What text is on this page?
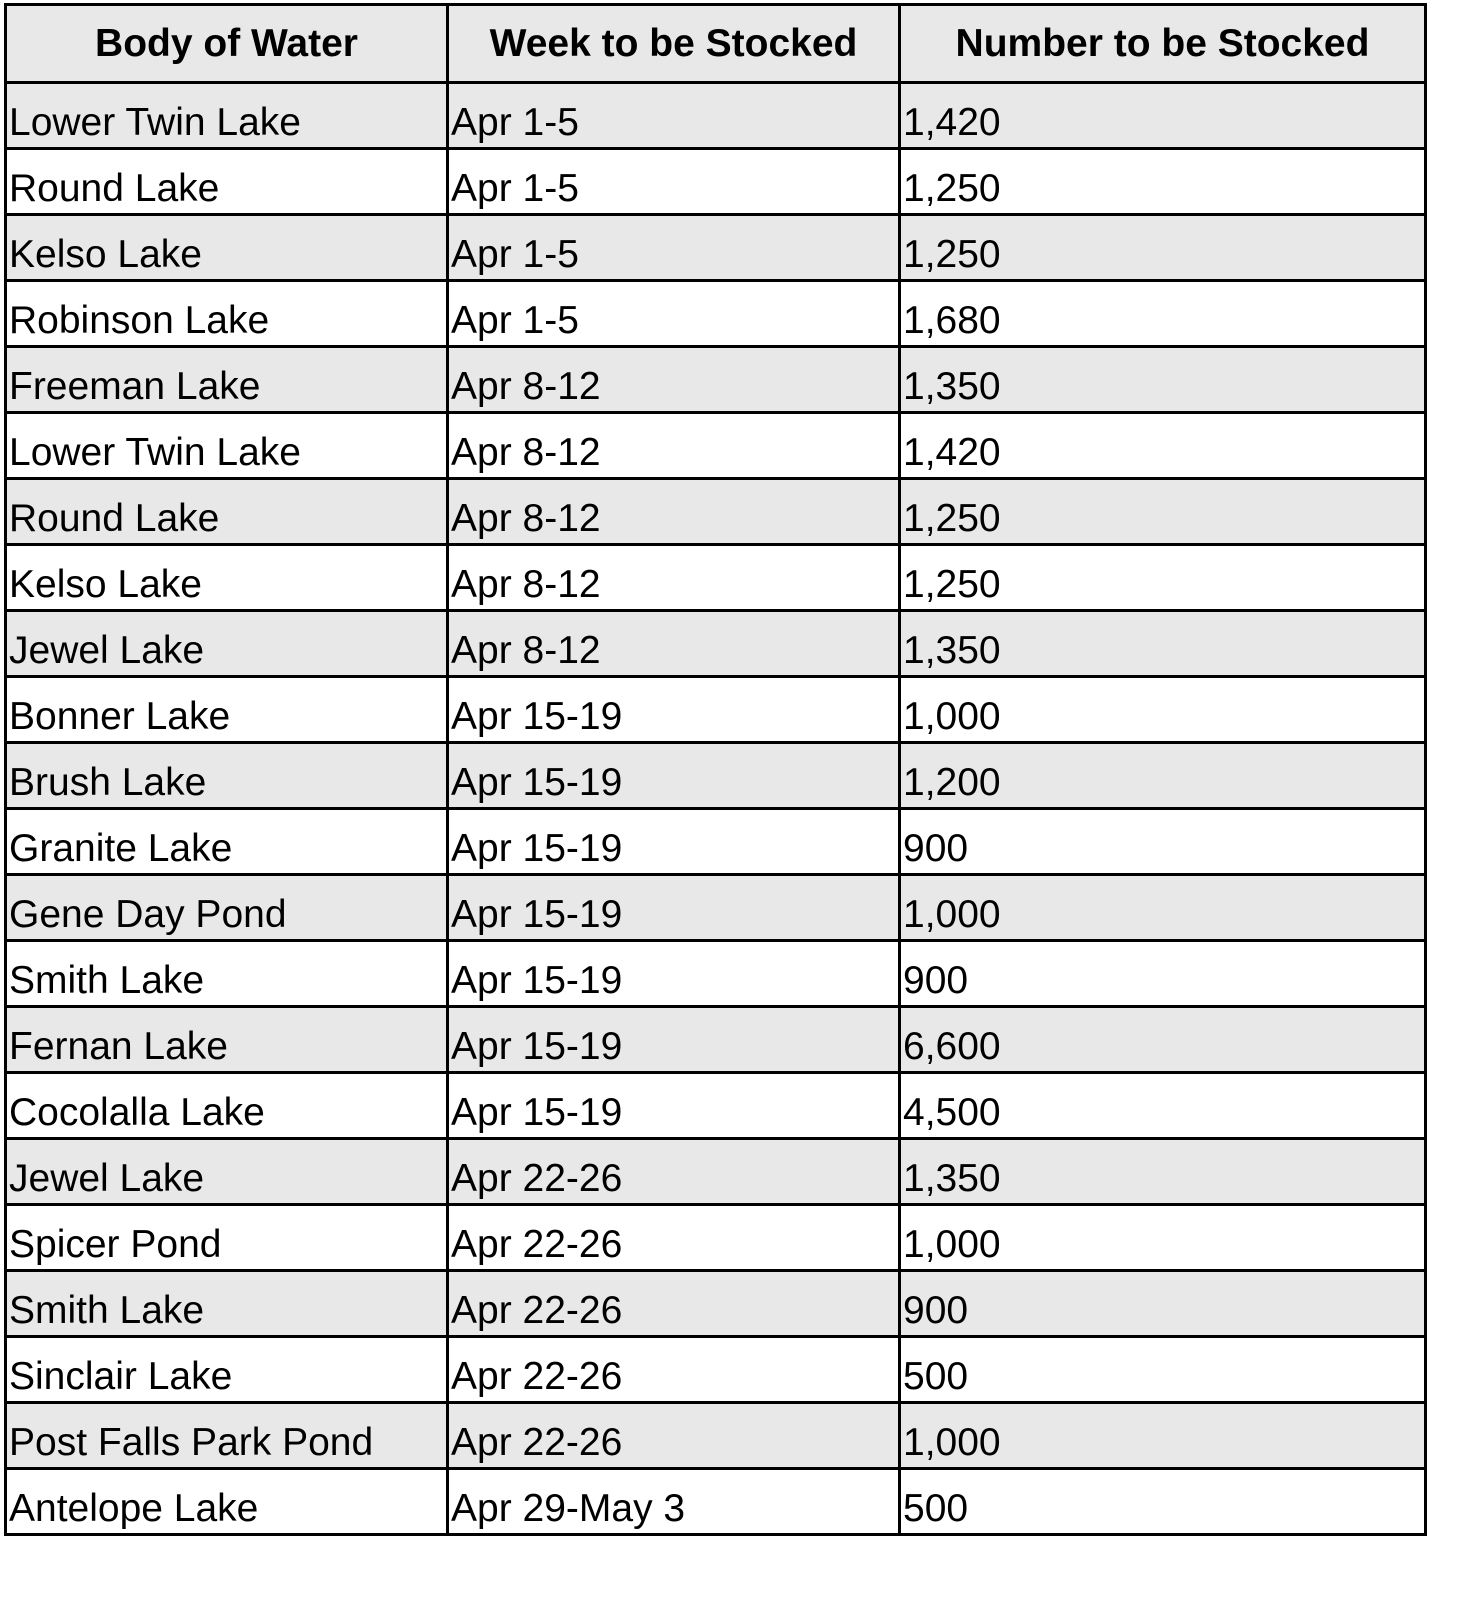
Body of Water	Week to be Stocked	Number to be Stocked
Lower Twin Lake	Apr 1-5	1,420
Round Lake	Apr 1-5	1,250
Kelso Lake	Apr 1-5	1,250
Robinson Lake	Apr 1-5	1,680
Freeman Lake	Apr 8-12	1,350
Lower Twin Lake	Apr 8-12	1,420
Round Lake	Apr 8-12	1,250
Kelso Lake	Apr 8-12	1,250
Jewel Lake	Apr 8-12	1,350
Bonner Lake	Apr 15-19	1,000
Brush Lake	Apr 15-19	1,200
Granite Lake	Apr 15-19	900
Gene Day Pond	Apr 15-19	1,000
Smith Lake	Apr 15-19	900
Fernan Lake	Apr 15-19	6,600
Cocolalla Lake	Apr 15-19	4,500
Jewel Lake	Apr 22-26	1,350
Spicer Pond	Apr 22-26	1,000
Smith Lake	Apr 22-26	900
Sinclair Lake	Apr 22-26	500
Post Falls Park Pond	Apr 22-26	1,000
Antelope Lake	Apr 29-May 3	500
